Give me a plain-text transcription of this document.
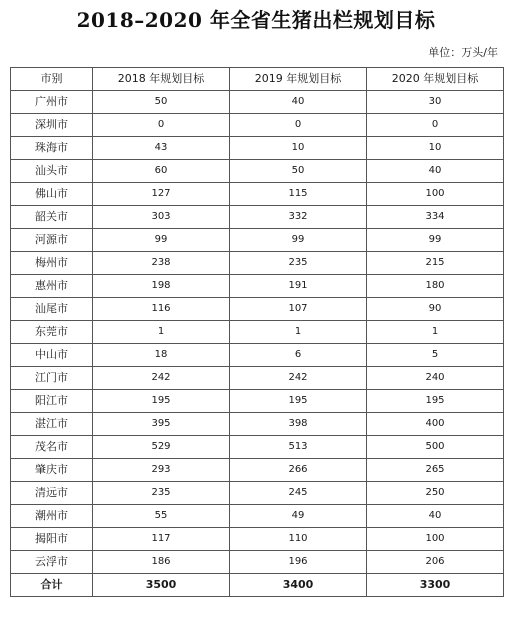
2018–2020 年全省生猪出栏规划目标
单位：万头/年
市别	2018 年规划目标	2019 年规划目标	2020 年规划目标
广州市	50	40	30
深圳市	0	0	0
珠海市	43	10	10
汕头市	60	50	40
佛山市	127	115	100
韶关市	303	332	334
河源市	99	99	99
梅州市	238	235	215
惠州市	198	191	180
汕尾市	116	107	90
东莞市	1	1	1
中山市	18	6	5
江门市	242	242	240
阳江市	195	195	195
湛江市	395	398	400
茂名市	529	513	500
肇庆市	293	266	265
清远市	235	245	250
潮州市	55	49	40
揭阳市	117	110	100
云浮市	186	196	206
合计	3500	3400	3300
